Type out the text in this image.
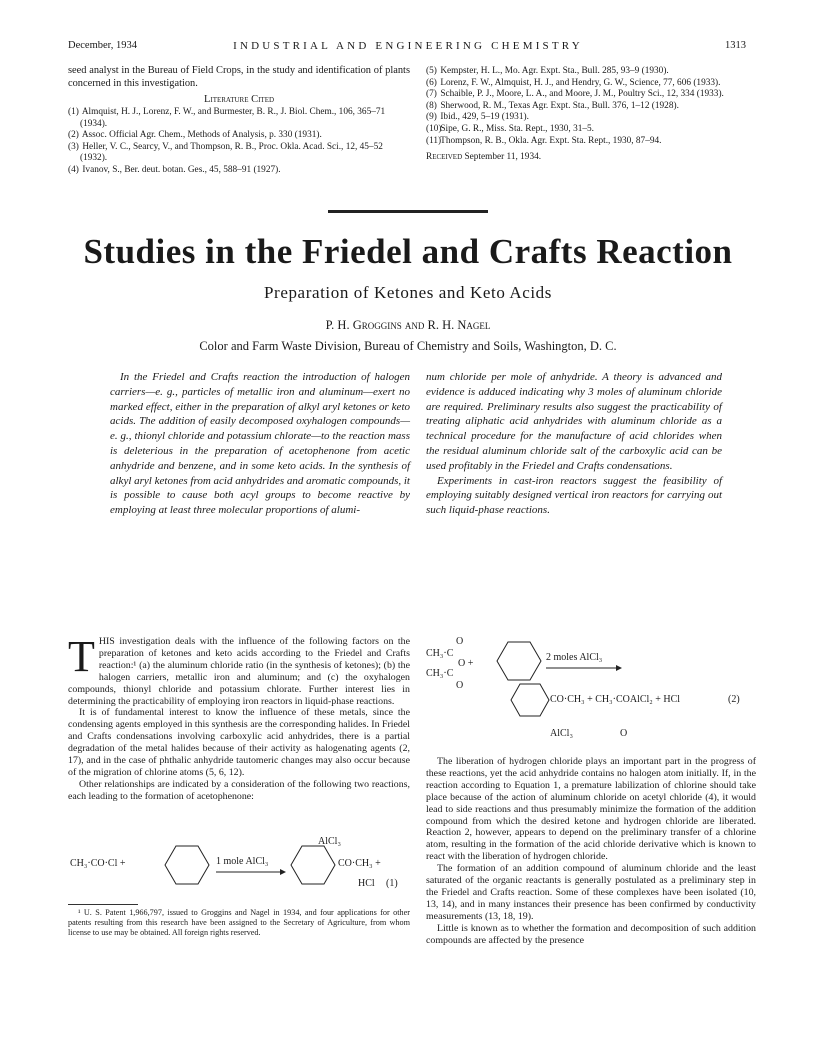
December, 1934	INDUSTRIAL AND ENGINEERING CHEMISTRY	1313

seed analyst in the Bureau of Field Crops, in the study and identification of plants concerned in this investigation.

Literature Cited

(1) Almquist, H. J., Lorenz, F. W., and Burmester, B. R., J. Biol. Chem., 106, 365–71 (1934).

(2) Assoc. Official Agr. Chem., Methods of Analysis, p. 330 (1931).

(3) Heller, V. C., Searcy, V., and Thompson, R. B., Proc. Okla. Acad. Sci., 12, 45–52 (1932).

(4) Ivanov, S., Ber. deut. botan. Ges., 45, 588–91 (1927).

(5) Kempster, H. L., Mo. Agr. Expt. Sta., Bull. 285, 93–9 (1930).

(6) Lorenz, F. W., Almquist, H. J., and Hendry, G. W., Science, 77, 606 (1933).

(7) Schaible, P. J., Moore, L. A., and Moore, J. M., Poultry Sci., 12, 334 (1933).

(8) Sherwood, R. M., Texas Agr. Expt. Sta., Bull. 376, 1–12 (1928).

(9) Ibid., 429, 5–19 (1931).

(10) Sipe, G. R., Miss. Sta. Rept., 1930, 31–5.

(11) Thompson, R. B., Okla. Agr. Expt. Sta. Rept., 1930, 87–94.

Received September 11, 1934.

Studies in the Friedel and Crafts Reaction
Preparation of Ketones and Keto Acids
P. H. Groggins and R. H. Nagel
Color and Farm Waste Division, Bureau of Chemistry and Soils, Washington, D. C.
In the Friedel and Crafts reaction the introduction of halogen carriers—e. g., particles of metallic iron and aluminum—exert no marked effect, either in the preparation of alkyl aryl ketones or keto acids. The addition of easily decomposed oxyhalogen compounds—e. g., thionyl chloride and potassium chlorate—to the reaction mass is deleterious in the preparation of acetophenone from acetic anhydride and benzene, and in some keto acids. In the synthesis of alkyl aryl ketones from acid anhydrides and aromatic compounds, it is possible to cause both acyl groups to become reactive by employing at least three molecular proportions of alumi-

num chloride per mole of anhydride. A theory is advanced and evidence is adduced indicating why 3 moles of aluminum chloride are required. Preliminary results also suggest the practicability of treating aliphatic acid anhydrides with aluminum chloride as a technical procedure for the manufacture of acid chlorides when the residual aluminum chloride salt of the carboxylic acid can be used profitably in the Friedel and Crafts condensations.

Experiments in cast-iron reactors suggest the feasibility of employing suitably designed vertical iron reactors for carrying out such liquid-phase reactions.

THIS investigation deals with the influence of the following factors on the preparation of ketones and keto acids according to the Friedel and Crafts reaction:¹ (a) the aluminum chloride ratio (in the synthesis of ketones); (b) the halogen carriers, metallic iron and aluminum; and (c) the oxyhalogen compounds, thionyl chloride and potassium chlorate. Further interest lies in determining the practicability of employing iron reactors in liquid-phase reactions.

It is of fundamental interest to know the influence of these metals, since the condensing agents employed in this synthesis are the corresponding halides. In Friedel and Crafts condensations involving carboxylic acid anhydrides, there is a partial degradation of the metal halides because of their activity as halogenating agents (2, 17), and in the case of phthalic anhydride tautomeric changes may also occur because of the migration of chlorine atoms (5, 6, 12).

Other relationships are indicated by a consideration of the following two reactions, each leading to the formation of acetophenone:

CH₃·CO·Cl +	1 mole AlCl₃
AlCl₃
CO·CH₃ +
HCl (1)
¹ U. S. Patent 1,966,797, issued to Groggins and Nagel in 1934, and four applications for other patents resulting from this research have been assigned to the Secretary of Agriculture, from whom license to use may be obtained. All foreign rights reserved.
O
CH₃·C
O +
CH₃·C
O
2 moles AlCl₃
CO·CH₃ + CH₃·COAlCl₂ + HCl	(2)
AlCl₃	O

The liberation of hydrogen chloride plays an important part in the progress of these reactions, yet the acid anhydride contains no halogen atom initially. If, in the reaction according to Equation 1, a premature labilization of chlorine should take place because of the action of aluminum chloride on acetyl chloride (4), it would lead to side reactions and thus presumably minimize the formation of the addition compound from which the desired ketone and hydrogen chloride are liberated. Reaction 2, however, appears to depend on the preliminary transfer of a chlorine atom, resulting in the formation of the acid chloride derivative which is known to react with the liberation of hydrogen chloride.

The formation of an addition compound of aluminum chloride and the least saturated of the organic reactants is generally postulated as a preliminary step in the Friedel and Crafts reaction. Some of these complexes have been isolated (10, 13, 14), and in many instances their presence has been confirmed by conductivity measurements (13, 18, 19).

Little is known as to whether the formation and decomposition of such addition compounds are affected by the presence
